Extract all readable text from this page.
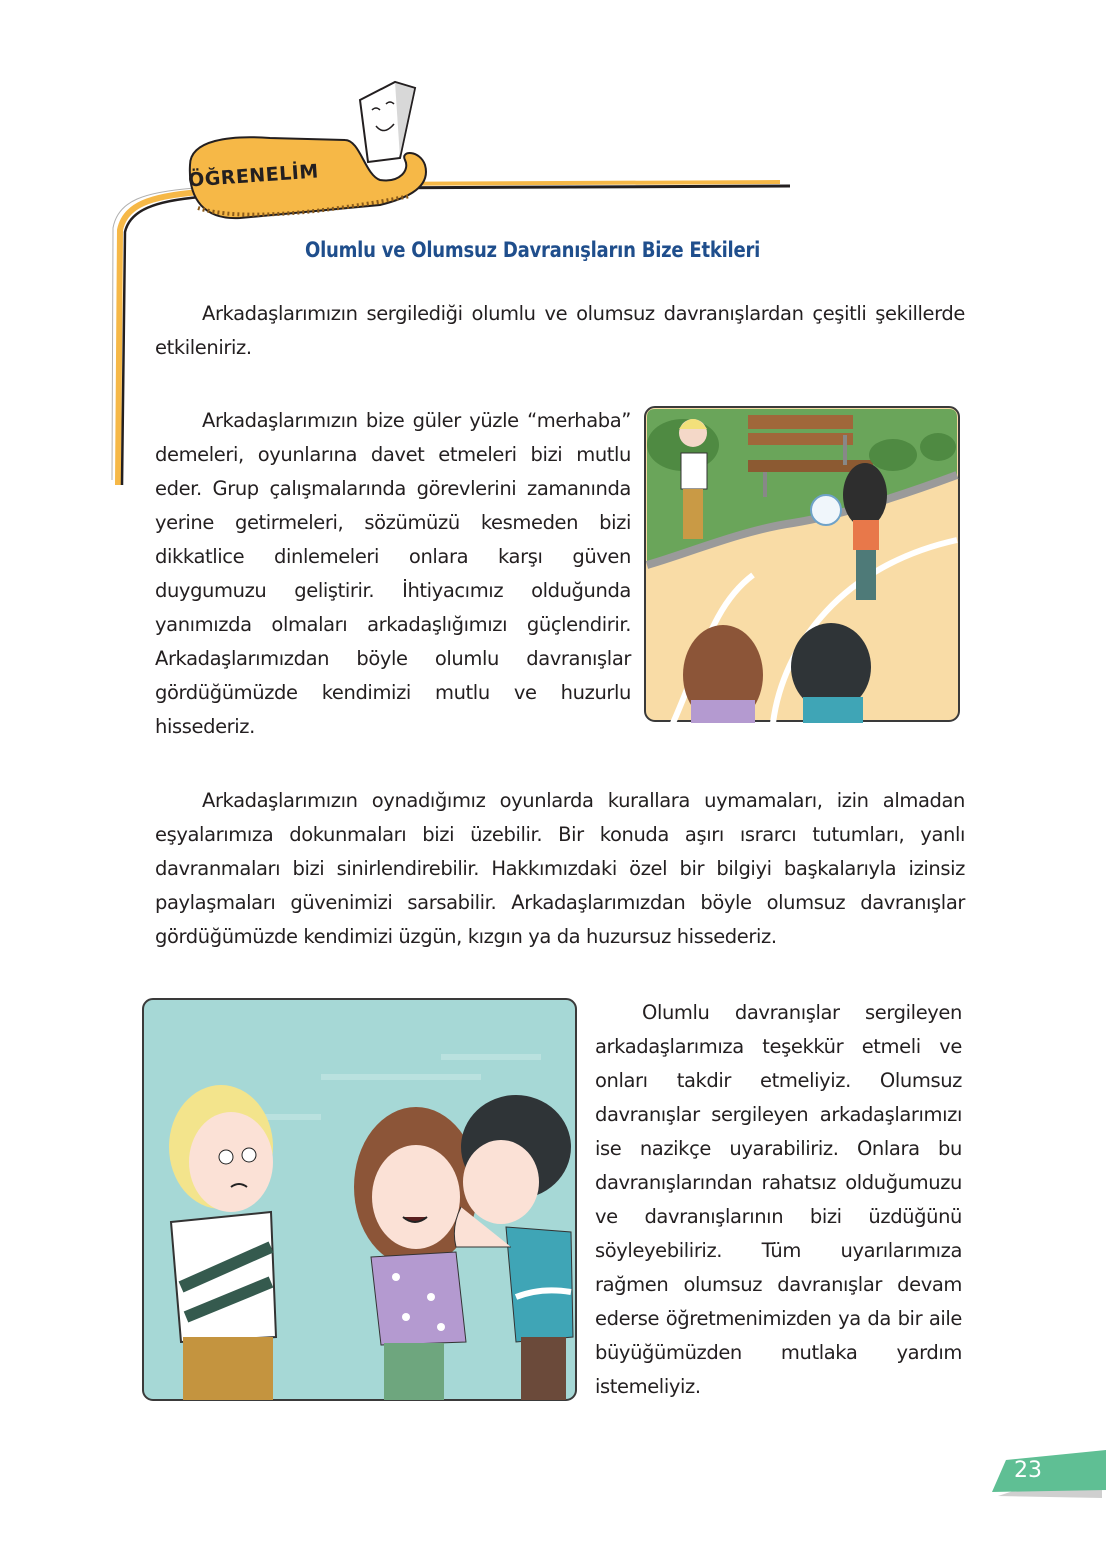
ÖĞRENELİM
Olumlu ve Olumsuz Davranışların Bize Etkileri

Arkadaşlarımızın sergilediği olumlu ve olumsuz davranışlardan çeşitli şekillerde etkileniriz.

Arkadaşlarımızın bize güler yüzle “merhaba” demeleri, oyunlarına davet etmeleri bizi mutlu eder. Grup çalışmalarında görevlerini zamanında yerine getirmeleri, sözümüzü kesmeden bizi dikkatlice dinlemeleri onlara karşı güven duygumuzu geliştirir. İhtiyacımız olduğunda yanımızda olmaları arkadaşlığımızı güçlendirir. Arkadaşlarımızdan böyle olumlu davranışlar gördüğümüzde kendimizi mutlu ve huzurlu hissederiz.

Arkadaşlarımızın oynadığımız oyunlarda kurallara uymamaları, izin almadan eşyalarımıza dokunmaları bizi üzebilir. Bir konuda aşırı ısrarcı tutumları, yanlı davranmaları bizi sinirlendirebilir. Hakkımızdaki özel bir bilgiyi başkalarıyla izinsiz paylaşmaları güvenimizi sarsabilir. Arkadaşlarımızdan böyle olumsuz davranışlar gördüğümüzde kendimizi üzgün, kızgın ya da huzursuz hissederiz.

Olumlu davranışlar sergileyen arkadaşlarımıza teşekkür etmeli ve onları takdir etmeliyiz. Olumsuz davranışlar sergileyen arkadaşlarımızı ise nazikçe uyarabiliriz. Onlara bu davranışlarından rahatsız olduğumuzu ve davranışlarının bizi üzdüğünü söyleyebiliriz. Tüm uyarılarımıza rağmen olumsuz davranışlar devam ederse öğretmenimizden ya da bir aile büyüğümüzden mutlaka yardım istemeliyiz.

23
